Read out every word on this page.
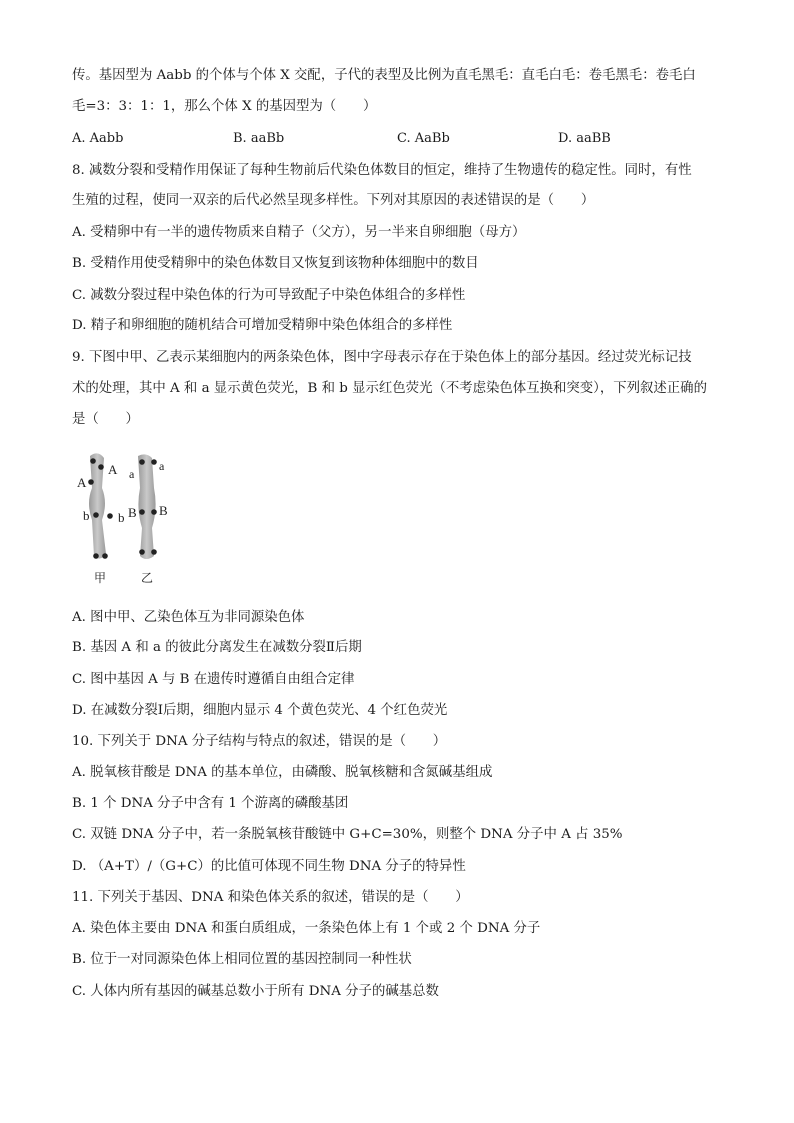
传。基因型为 Aabb 的个体与个体 X 交配，子代的表型及比例为直毛黑毛：直毛白毛：卷毛黑毛：卷毛白
毛=3：3：1：1，那么个体 X 的基因型为（　　）
A. Aabb	B. aaBb	C. AaBb	D. aaBB
8. 减数分裂和受精作用保证了每种生物前后代染色体数目的恒定，维持了生物遗传的稳定性。同时，有性
生殖的过程，使同一双亲的后代必然呈现多样性。下列对其原因的表述错误的是（　　）
A. 受精卵中有一半的遗传物质来自精子（父方），另一半来自卵细胞（母方）
B. 受精作用使受精卵中的染色体数目又恢复到该物种体细胞中的数目
C. 减数分裂过程中染色体的行为可导致配子中染色体组合的多样性
D. 精子和卵细胞的随机结合可增加受精卵中染色体组合的多样性
9. 下图中甲、乙表示某细胞内的两条染色体，图中字母表示存在于染色体上的部分基因。经过荧光标记技
术的处理，其中 A 和 a 显示黄色荧光，B 和 b 显示红色荧光（不考虑染色体互换和突变），下列叙述正确的
是（　　）
A
A
b b
甲
a
a
B B
乙
A. 图中甲、乙染色体互为非同源染色体
B. 基因 A 和 a 的彼此分离发生在减数分裂Ⅱ后期
C. 图中基因 A 与 B 在遗传时遵循自由组合定律
D. 在减数分裂Ⅰ后期，细胞内显示 4 个黄色荧光、4 个红色荧光
10. 下列关于 DNA 分子结构与特点的叙述，错误的是（　　）
A. 脱氧核苷酸是 DNA 的基本单位，由磷酸、脱氧核糖和含氮碱基组成
B. 1 个 DNA 分子中含有 1 个游离的磷酸基团
C. 双链 DNA 分子中，若一条脱氧核苷酸链中 G+C=30%，则整个 DNA 分子中 A 占 35%
D. （A+T）/（G+C）的比值可体现不同生物 DNA 分子的特异性
11. 下列关于基因、DNA 和染色体关系的叙述，错误的是（　　）
A. 染色体主要由 DNA 和蛋白质组成，一条染色体上有 1 个或 2 个 DNA 分子
B. 位于一对同源染色体上相同位置的基因控制同一种性状
C. 人体内所有基因的碱基总数小于所有 DNA 分子的碱基总数
